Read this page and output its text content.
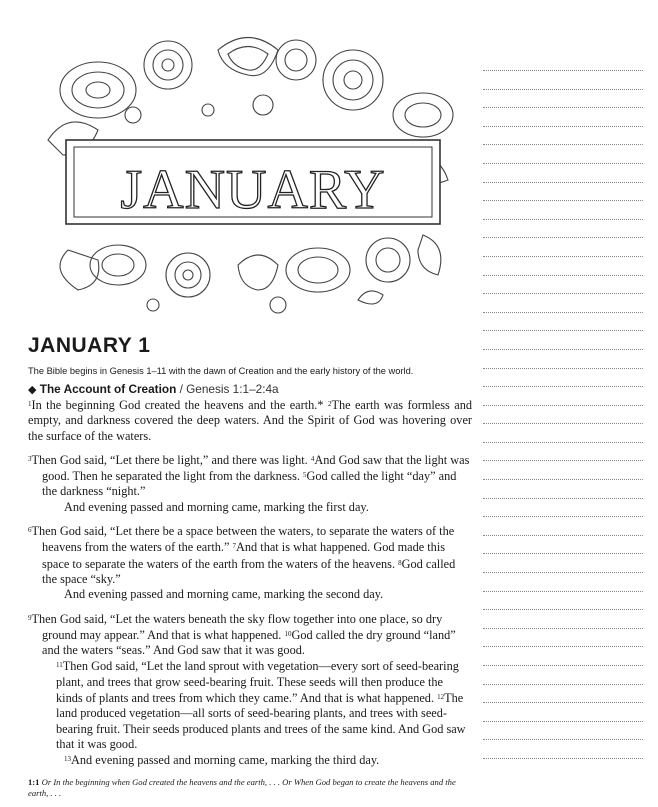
JANUARY
JANUARY 1

The Bible begins in Genesis 1–11 with the dawn of Creation and the early history of the world.

◆ The Account of Creation / Genesis 1:1–2:4a

$^1$In the beginning God created the heavens and the earth.* $^2$The earth was formless and empty, and darkness covered the deep waters. And the Spirit of God was hovering over the surface of the waters.

$^3$Then God said, “Let there be light,” and there was light. $^4$And God saw that the light was good. Then he separated the light from the darkness. $^5$God called the light “day” and the darkness “night.”
And evening passed and morning came, marking the first day.

$^6$Then God said, “Let there be a space between the waters, to separate the waters of the heavens from the waters of the earth.” $^7$And that is what happened. God made this space to separate the waters of the earth from the waters of the heavens. $^8$God called the space “sky.”
And evening passed and morning came, marking the second day.

$^9$Then God said, “Let the waters beneath the sky flow together into one place, so dry ground may appear.” And that is what happened. $^{10}$God called the dry ground “land” and the waters “seas.” And God saw that it was good.
$^{11}$Then God said, “Let the land sprout with vegetation—every sort of seed-bearing plant, and trees that grow seed-bearing fruit. These seeds will then produce the kinds of plants and trees from which they came.” And that is what happened. $^{12}$The land produced vegetation—all sorts of seed-bearing plants, and trees with seed-bearing fruit. Their seeds produced plants and trees of the same kind. And God saw that it was good.
$^{13}$And evening passed and morning came, marking the third day.

1:1 Or In the beginning when God created the heavens and the earth, . . . Or When God began to create the heavens and the earth, . . .
